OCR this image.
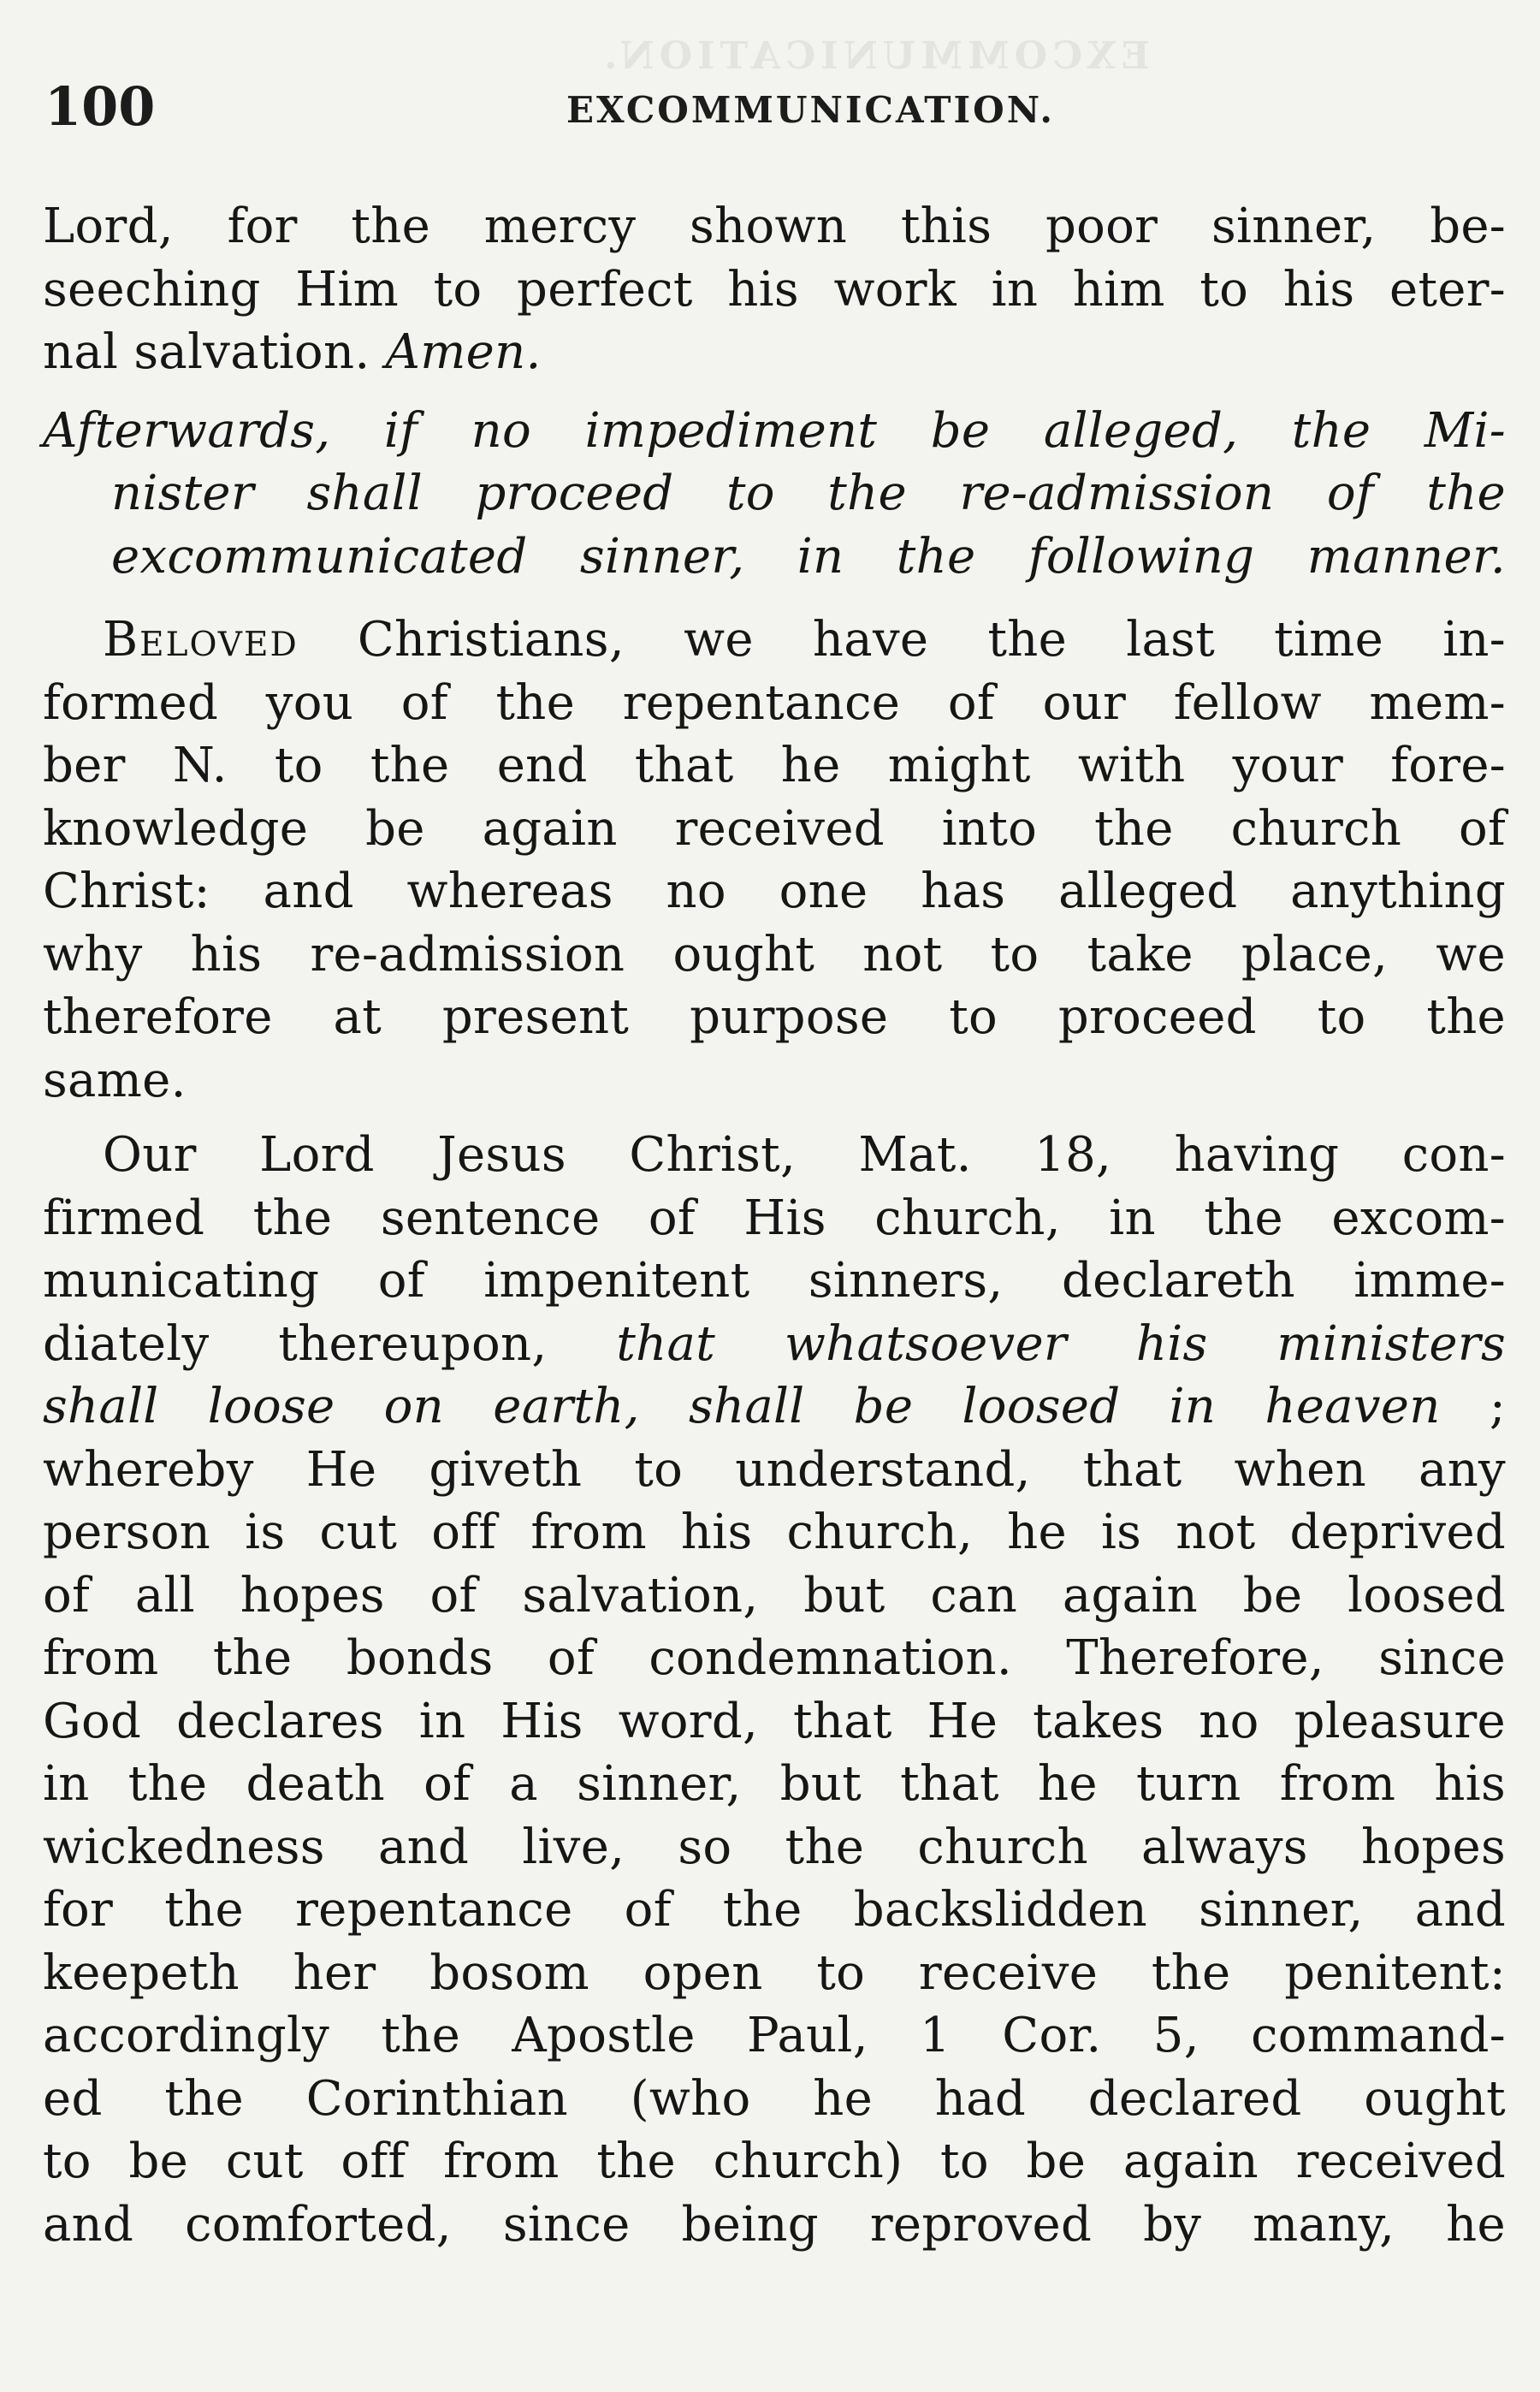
EXCOMMUNICATION.
100	EXCOMMUNICATION.
Lord, for the mercy shown this poor sinner, be-
seeching Him to perfect his work in him to his eter-
nal salvation. Amen.
Afterwards, if no impediment be alleged, the Mi-
nister shall proceed to the re-admission of the
excommunicated sinner, in the following manner.
Beloved Christians, we have the last time in-
formed you of the repentance of our fellow mem-
ber N. to the end that he might with your fore-
knowledge be again received into the church of
Christ: and whereas no one has alleged anything
why his re-admission ought not to take place, we
therefore at present purpose to proceed to the
same.
Our Lord Jesus Christ, Mat. 18, having con-
firmed the sentence of His church, in the excom-
municating of impenitent sinners, declareth imme-
diately thereupon, that whatsoever his ministers
shall loose on earth, shall be loosed in heaven ;
whereby He giveth to understand, that when any
person is cut off from his church, he is not deprived
of all hopes of salvation, but can again be loosed
from the bonds of condemnation. Therefore, since
God declares in His word, that He takes no pleasure
in the death of a sinner, but that he turn from his
wickedness and live, so the church always hopes
for the repentance of the backslidden sinner, and
keepeth her bosom open to receive the penitent:
accordingly the Apostle Paul, 1 Cor. 5, command-
ed the Corinthian (who he had declared ought
to be cut off from the church) to be again received
and comforted, since being reproved by many, he
